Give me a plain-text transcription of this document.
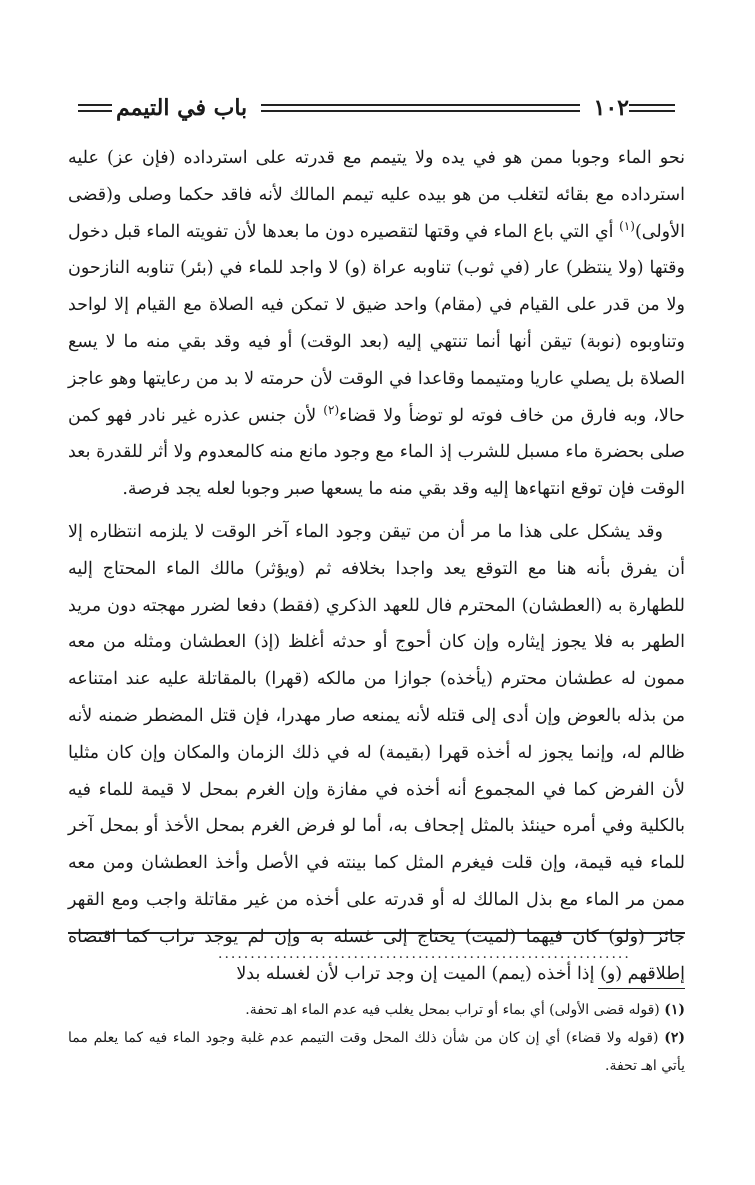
١٠٢
باب في التيمم

نحو الماء وجوبا ممن هو في يده ولا يتيمم مع قدرته على استرداده (فإن عز) عليه استرداده مع بقائه لتغلب من هو بيده عليه تيمم المالك لأنه فاقد حكما وصلى و(قضى الأولى)$^{(١)}$ أي التي باع الماء في وقتها لتقصيره دون ما بعدها لأن تفويته الماء قبل دخول وقتها (ولا ينتظر) عار (في ثوب) تناوبه عراة (و) لا واجد للماء في (بئر) تناوبه النازحون ولا من قدر على القيام في (مقام) واحد ضيق لا تمكن فيه الصلاة مع القيام إلا لواحد وتناوبوه (نوبة) تيقن أنها أنما تنتهي إليه (بعد الوقت) أو فيه وقد بقي منه ما لا يسع الصلاة بل يصلي عاريا ومتيمما وقاعدا في الوقت لأن حرمته لا بد من رعايتها وهو عاجز حالا، وبه فارق من خاف فوته لو توضأ ولا قضاء$^{(٢)}$ لأن جنس عذره غير نادر فهو كمن صلى بحضرة ماء مسبل للشرب إذ الماء مع وجود مانع منه كالمعدوم ولا أثر للقدرة بعد الوقت فإن توقع انتهاءها إليه وقد بقي منه ما يسعها صبر وجوبا لعله يجد فرصة.

وقد يشكل على هذا ما مر أن من تيقن وجود الماء آخر الوقت لا يلزمه انتظاره إلا أن يفرق بأنه هنا مع التوقع يعد واجدا بخلافه ثم (ويؤثر) مالك الماء المحتاج إليه للطهارة به (العطشان) المحترم فال للعهد الذكري (فقط) دفعا لضرر مهجته دون مريد الطهر به فلا يجوز إيثاره وإن كان أحوج أو حدثه أغلظ (إذ) العطشان ومثله من معه ممون له عطشان محترم (يأخذه) جوازا من مالكه (قهرا) بالمقاتلة عليه عند امتناعه من بذله بالعوض وإن أدى إلى قتله لأنه يمنعه صار مهدرا، فإن قتل المضطر ضمنه لأنه ظالم له، وإنما يجوز له أخذه قهرا (بقيمة) له في ذلك الزمان والمكان وإن كان مثليا لأن الفرض كما في المجموع أنه أخذه في مفازة وإن الغرم بمحل لا قيمة للماء فيه بالكلية وفي أمره حينئذ بالمثل إجحاف به، أما لو فرض الغرم بمحل الأخذ أو بمحل آخر للماء فيه قيمة، وإن قلت فيغرم المثل كما بينته في الأصل وأخذ العطشان ومن معه ممن مر الماء مع بذل المالك له أو قدرته على أخذه من غير مقاتلة واجب ومع القهر جائز (ولو) كان فيهما (لميت) يحتاج إلى غسله به وإن لم يوجد تراب كما اقتضاه إطلاقهم (و) إذا أخذه (يمم) الميت إن وجد تراب لأن لغسله بدلا

................................................................

(١) (قوله قضى الأولى) أي بماء أو تراب بمحل يغلب فيه عدم الماء اهـ تحفة.

(٢) (قوله ولا قضاء) أي إن كان من شأن ذلك المحل وقت التيمم عدم غلبة وجود الماء فيه كما يعلم مما يأتي اهـ تحفة.
